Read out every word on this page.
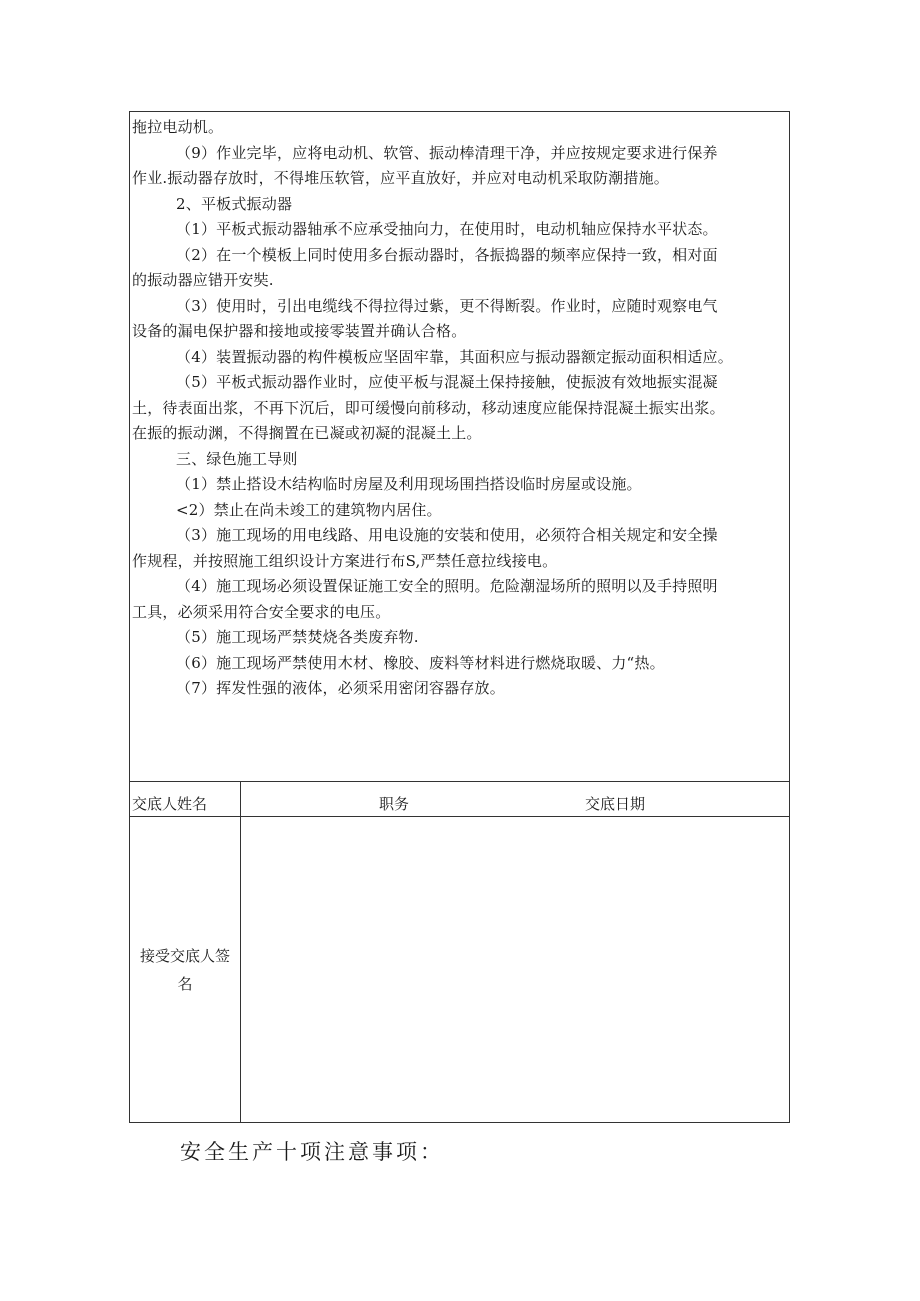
拖拉电动机。

（9）作业完毕，应将电动机、软管、振动棒清理干净，并应按规定要求进行保养

作业.振动器存放时，不得堆压软管，应平直放好，并应对电动机采取防潮措施。

2、平板式振动器

（1）平板式振动器轴承不应承受抽向力，在使用时，电动机轴应保持水平状态。

（2）在一个模板上同时使用多台振动器时，各振捣器的频率应保持一致，相对面

的振动器应错开安奘.

（3）使用时，引出电缆线不得拉得过紫，更不得断裂。作业时，应随时观察电气

设备的漏电保护器和接地或接零装置并确认合格。

（4）装置振动器的构件模板应坚固牢靠，其面积应与振动器额定振动面积相适应。

（5）平板式振动器作业时，应使平板与混凝土保持接触，使振波有效地振实混凝

土，待表面出浆，不再下沉后，即可缓慢向前移动，移动速度应能保持混凝土振实出浆。

在振的振动渊，不得搁置在已凝或初凝的混凝土上。

三、绿色施工导则

（1）禁止搭设木结构临时房屋及利用现场围挡搭设临时房屋或设施。

<2）禁止在尚未竣工的建筑物内居住。

（3）施工现场的用电线路、用电设施的安装和使用，必须符合相关规定和安全操

作规程，并按照施工组织设计方案进行布S,严禁任意拉线接电。

（4）施工现场必须设置保证施工安全的照明。危险潮湿场所的照明以及手持照明

工具，必须采用符合安全要求的电压。

（5）施工现场严禁焚烧各类废弃物.

（6）施工现场严禁使用木材、橡胶、废料等材料进行燃烧取暖、力“热。

（7）挥发性强的液体，必须采用密闭容器存放。

交底人姓名	职务	交底日期
接受交底人签
名
安全生产十项注意事项：
